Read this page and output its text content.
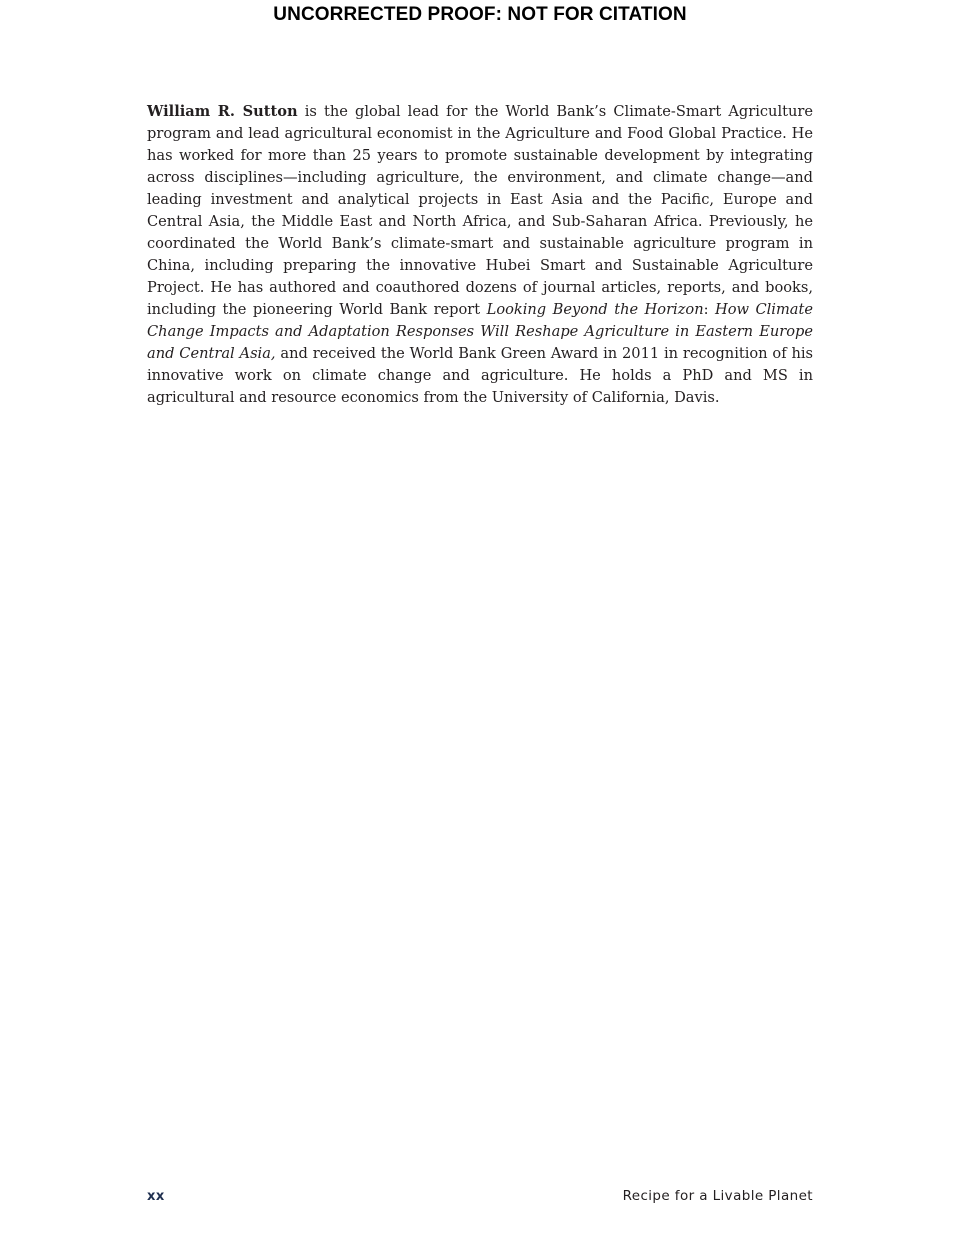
UNCORRECTED PROOF: NOT FOR CITATION

William R. Sutton is the global lead for the World Bank’s Climate-Smart Agriculture program and lead agricultural economist in the Agriculture and Food Global Practice. He has worked for more than 25 years to promote sustainable development by integrating across disciplines—including agriculture, the environment, and climate change—and leading investment and analytical projects in East Asia and the Pacific, Europe and Central Asia, the Middle East and North Africa, and Sub-Saharan Africa. Previously, he coordinated the World Bank’s climate-smart and sustainable agriculture program in China, including preparing the innovative Hubei Smart and Sustainable Agriculture Project. He has authored and coauthored dozens of journal articles, reports, and books, including the pioneering World Bank report Looking Beyond the Horizon: How Climate Change Impacts and Adaptation Responses Will Reshape Agriculture in Eastern Europe and Central Asia, and received the World Bank Green Award in 2011 in recognition of his innovative work on climate change and agriculture. He holds a PhD and MS in agricultural and resource economics from the University of California, Davis.

xx	Recipe for a Livable Planet
